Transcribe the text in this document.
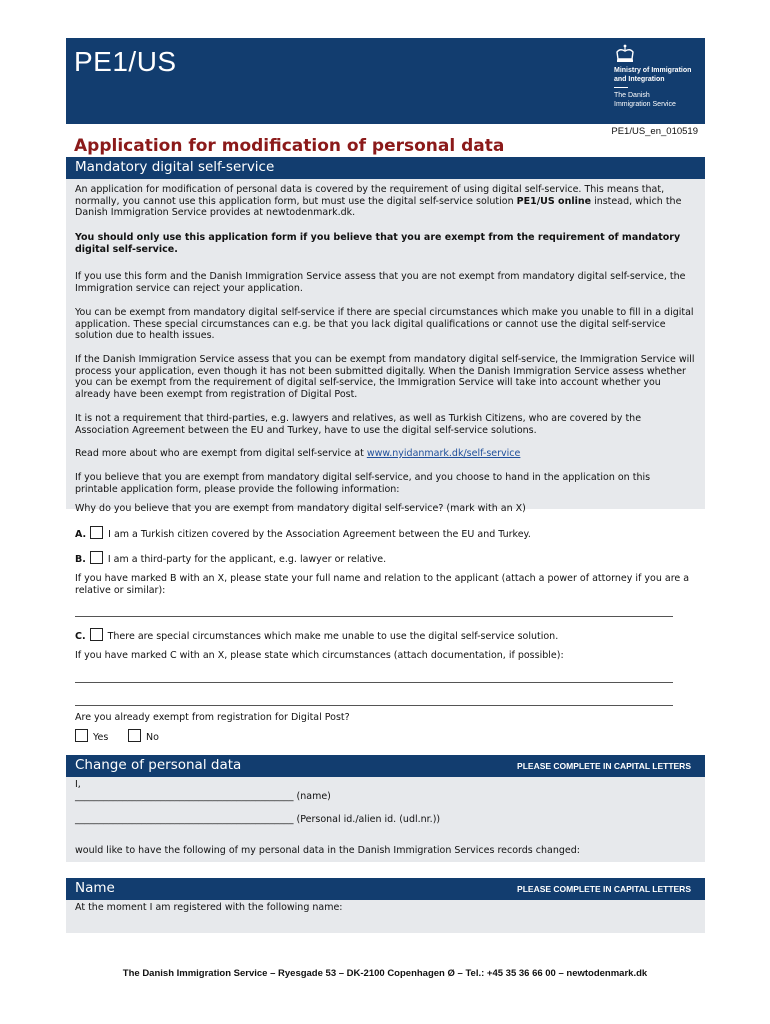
PE1/US	Ministry of Immigration
and Integration
The Danish
Immigration Service
PE1/US_en_010519
Application for modification of personal data
Mandatory digital self-service

An application for modification of personal data is covered by the requirement of using digital self-service. This means that, normally, you cannot use this application form, but must use the digital self-service solution PE1/US online instead, which the Danish Immigration Service provides at newtodenmark.dk.

You should only use this application form if you believe that you are exempt from the requirement of mandatory digital self-service.

If you use this form and the Danish Immigration Service assess that you are not exempt from mandatory digital self-service, the Immigration service can reject your application.

You can be exempt from mandatory digital self-service if there are special circumstances which make you unable to fill in a digital application. These special circumstances can e.g. be that you lack digital qualifications or cannot use the digital self-service solution due to health issues.

If the Danish Immigration Service assess that you can be exempt from mandatory digital self-service, the Immigration Service will process your application, even though it has not been submitted digitally. When the Danish Immigration Service assess whether you can be exempt from the requirement of digital self-service, the Immigration Service will take into account whether you already have been exempt from registration of Digital Post.

It is not a requirement that third-parties, e.g. lawyers and relatives, as well as Turkish Citizens, who are covered by the Association Agreement between the EU and Turkey, have to use the digital self-service solutions.

Read more about who are exempt from digital self-service at www.nyidanmark.dk/self-service

If you believe that you are exempt from mandatory digital self-service, and you choose to hand in the application on this printable application form, please provide the following information:

Why do you believe that you are exempt from mandatory digital self-service? (mark with an X)

A. I am a Turkish citizen covered by the Association Agreement between the EU and Turkey.
B. I am a third-party for the applicant, e.g. lawyer or relative.

If you have marked B with an X, please state your full name and relation to the applicant (attach a power of attorney if you are a relative or similar):

C. There are special circumstances which make me unable to use the digital self-service solution.

If you have marked C with an X, please state which circumstances (attach documentation, if possible):

Are you already exempt from registration for Digital Post?

Yes	No
Change of personal data	PLEASE COMPLETE IN CAPITAL LETTERS

I,

______________________________________________ (name)

______________________________________________ (Personal id./alien id. (udl.nr.))

would like to have the following of my personal data in the Danish Immigration Services records changed:

Name	PLEASE COMPLETE IN CAPITAL LETTERS

At the moment I am registered with the following name:

The Danish Immigration Service – Ryesgade 53 – DK-2100 Copenhagen Ø – Tel.: +45 35 36 66 00 – newtodenmark.dk
